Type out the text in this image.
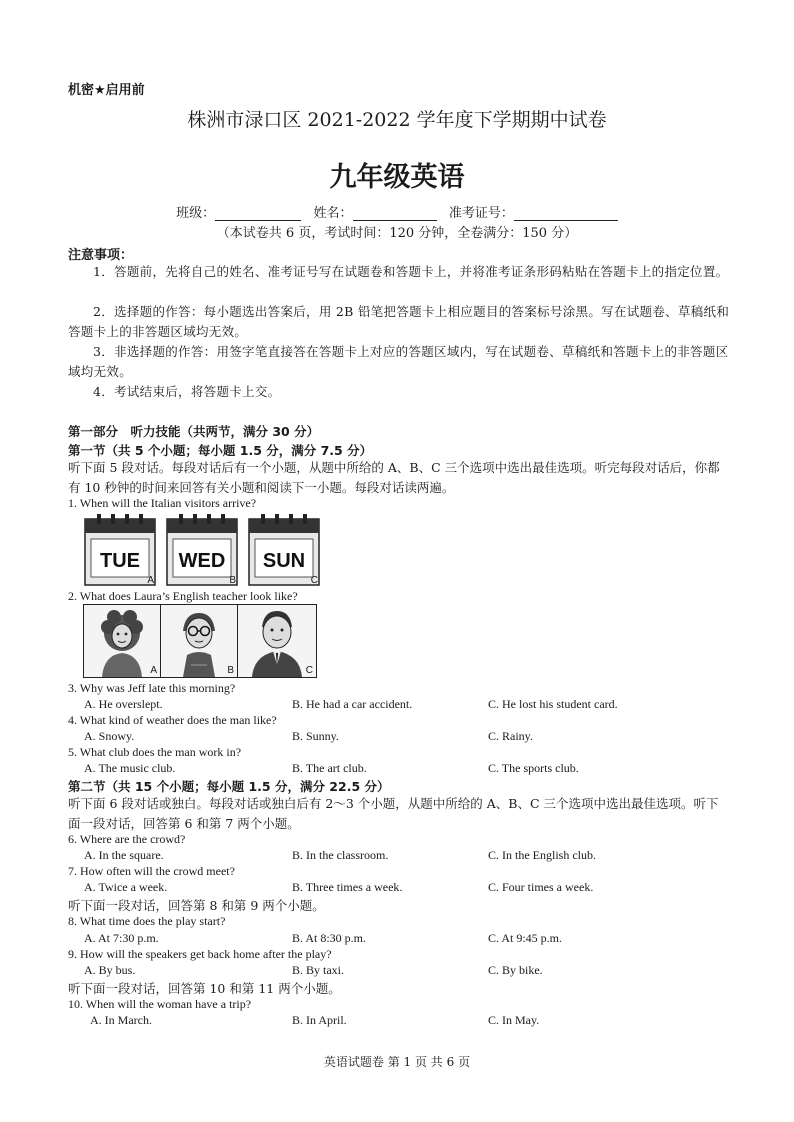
机密★启用前
株洲市渌口区 2021-2022 学年度下学期期中试卷
九年级英语
班级：	姓名：	准考证号：
（本试卷共 6 页，考试时间：120 分钟，全卷满分：150 分）
注意事项：
1．答题前，先将自己的姓名、准考证号写在试题卷和答题卡上，并将准考证条形码粘贴在答题卡上的指定位置。
2．选择题的作答：每小题选出答案后，用 2B 铅笔把答题卡上相应题目的答案标号涂黑。写在试题卷、草稿纸和答题卡上的非答题区域均无效。
3．非选择题的作答：用签字笔直接答在答题卡上对应的答题区域内，写在试题卷、草稿纸和答题卡上的非答题区域均无效。
4．考试结束后，将答题卡上交。
第一部分　听力技能（共两节，满分 30 分）
第一节（共 5 个小题；每小题 1.5 分，满分 7.5 分）
听下面 5 段对话。每段对话后有一个小题，从题中所给的 A、B、C 三个选项中选出最佳选项。听完每段对话后，你都有 10 秒钟的时间来回答有关小题和阅读下一小题。每段对话读两遍。
1. When will the Italian visitors arrive?
TUE
A
WED
B
SUN
C
2. What does Laura’s English teacher look like?
A	B	C
3. Why was Jeff late this morning?
A. He overslept.	B. He had a car accident.	C. He lost his student card.
4. What kind of weather does the man like?
A. Snowy.	B. Sunny.	C. Rainy.
5. What club does the man work in?
A. The music club.	B. The art club.	C. The sports club.
第二节（共 15 个小题；每小题 1.5 分，满分 22.5 分）
听下面 6 段对话或独白。每段对话或独白后有 2～3 个小题，从题中所给的 A、B、C 三个选项中选出最佳选项。听下面一段对话，回答第 6 和第 7 两个小题。
6. Where are the crowd?
A. In the square.	B. In the classroom.	C. In the English club.
7. How often will the crowd meet?
A. Twice a week.	B. Three times a week.	C. Four times a week.
听下面一段对话，回答第 8 和第 9 两个小题。
8. What time does the play start?
A. At 7:30 p.m.	B. At 8:30 p.m.	C. At 9:45 p.m.
9. How will the speakers get back home after the play?
A. By bus.	B. By taxi.	C. By bike.
听下面一段对话，回答第 10 和第 11 两个小题。
10. When will the woman have a trip?
A. In March.	B. In April.	C. In May.
英语试题卷 第 1 页 共 6 页
